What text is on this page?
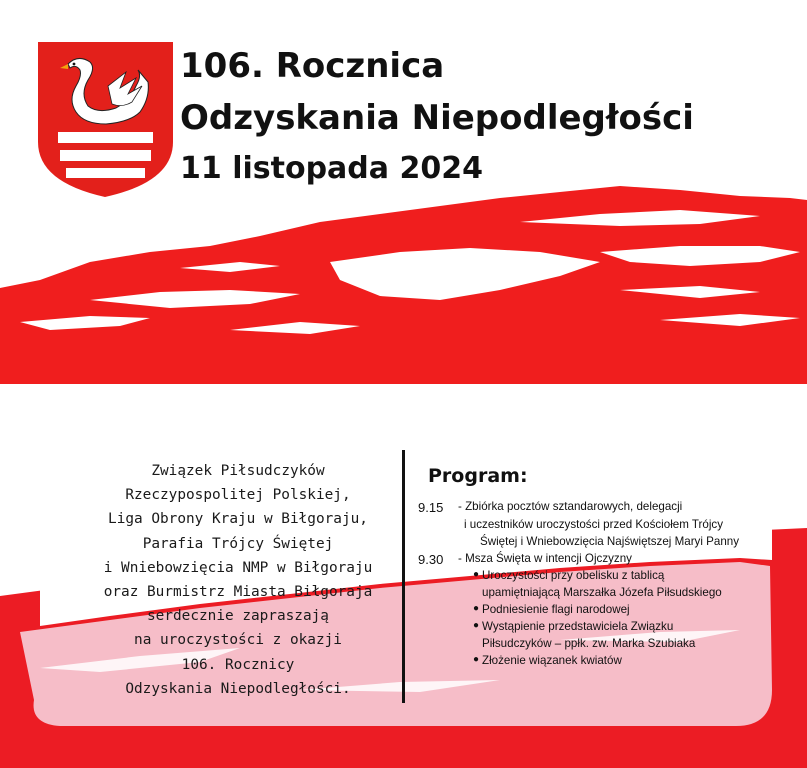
106. Rocznica
Odzyskania Niepodległości
11 listopada 2024
Związek Piłsudczyków
Rzeczypospolitej Polskiej,
Liga Obrony Kraju w Biłgoraju,
Parafia Trójcy Świętej
i Wniebowzięcia NMP w Biłgoraju
oraz Burmistrz Miasta Biłgoraja
serdecznie zapraszają
na uroczystości z okazji
106. Rocznicy
Odzyskania Niepodległości.
Program:
9.15 - Zbiórka pocztów sztandarowych, delegacji
i uczestników uroczystości przed Kościołem Trójcy
Świętej i Wniebowzięcia Najświętszej Maryi Panny
9.30 - Msza Święta w intencji Ojczyzny
● Uroczystości przy obelisku z tablicą
upamiętniającą Marszałka Józefa Piłsudskiego
● Podniesienie flagi narodowej
● Wystąpienie przedstawiciela Związku
Piłsudczyków – ppłk. zw. Marka Szubiaka
● Złożenie wiązanek kwiatów
